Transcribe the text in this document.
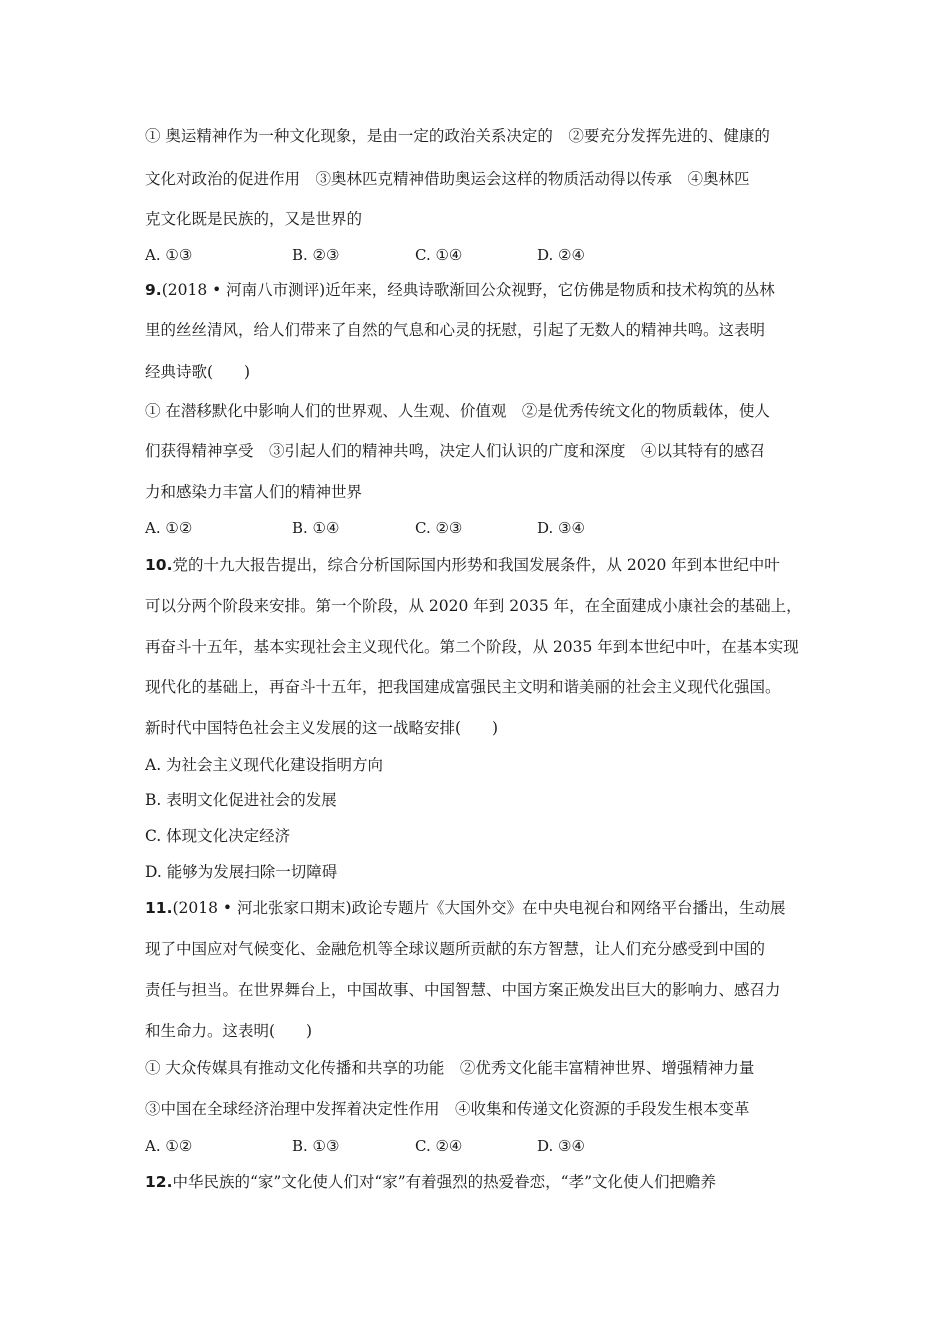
① 奥运精神作为一种文化现象，是由一定的政治关系决定的　②要充分发挥先进的、健康的
文化对政治的促进作用　③奥林匹克精神借助奥运会这样的物质活动得以传承　④奥林匹
克文化既是民族的，又是世界的
A. ①③	B. ②③	C. ①④	D. ②④
9.(2018 • 河南八市测评)近年来，经典诗歌渐回公众视野，它仿佛是物质和技术构筑的丛林
里的丝丝清风，给人们带来了自然的气息和心灵的抚慰，引起了无数人的精神共鸣。这表明
经典诗歌(　　)
① 在潜移默化中影响人们的世界观、人生观、价值观　②是优秀传统文化的物质载体，使人
们获得精神享受　③引起人们的精神共鸣，决定人们认识的广度和深度　④以其特有的感召
力和感染力丰富人们的精神世界
A. ①②	B. ①④	C. ②③	D. ③④
10.党的十九大报告提出，综合分析国际国内形势和我国发展条件，从 2020 年到本世纪中叶
可以分两个阶段来安排。第一个阶段，从 2020 年到 2035 年，在全面建成小康社会的基础上，
再奋斗十五年，基本实现社会主义现代化。第二个阶段，从 2035 年到本世纪中叶，在基本实现
现代化的基础上，再奋斗十五年，把我国建成富强民主文明和谐美丽的社会主义现代化强国。
新时代中国特色社会主义发展的这一战略安排(　　)
A. 为社会主义现代化建设指明方向
B. 表明文化促进社会的发展
C. 体现文化决定经济
D. 能够为发展扫除一切障碍
11.(2018 • 河北张家口期末)政论专题片《大国外交》在中央电视台和网络平台播出，生动展
现了中国应对气候变化、金融危机等全球议题所贡献的东方智慧，让人们充分感受到中国的
责任与担当。在世界舞台上，中国故事、中国智慧、中国方案正焕发出巨大的影响力、感召力
和生命力。这表明(　　)
① 大众传媒具有推动文化传播和共享的功能　②优秀文化能丰富精神世界、增强精神力量
③中国在全球经济治理中发挥着决定性作用　④收集和传递文化资源的手段发生根本变革
A. ①②	B. ①③	C. ②④	D. ③④
12.中华民族的“家”文化使人们对“家”有着强烈的热爱眷恋，“孝”文化使人们把赡养
